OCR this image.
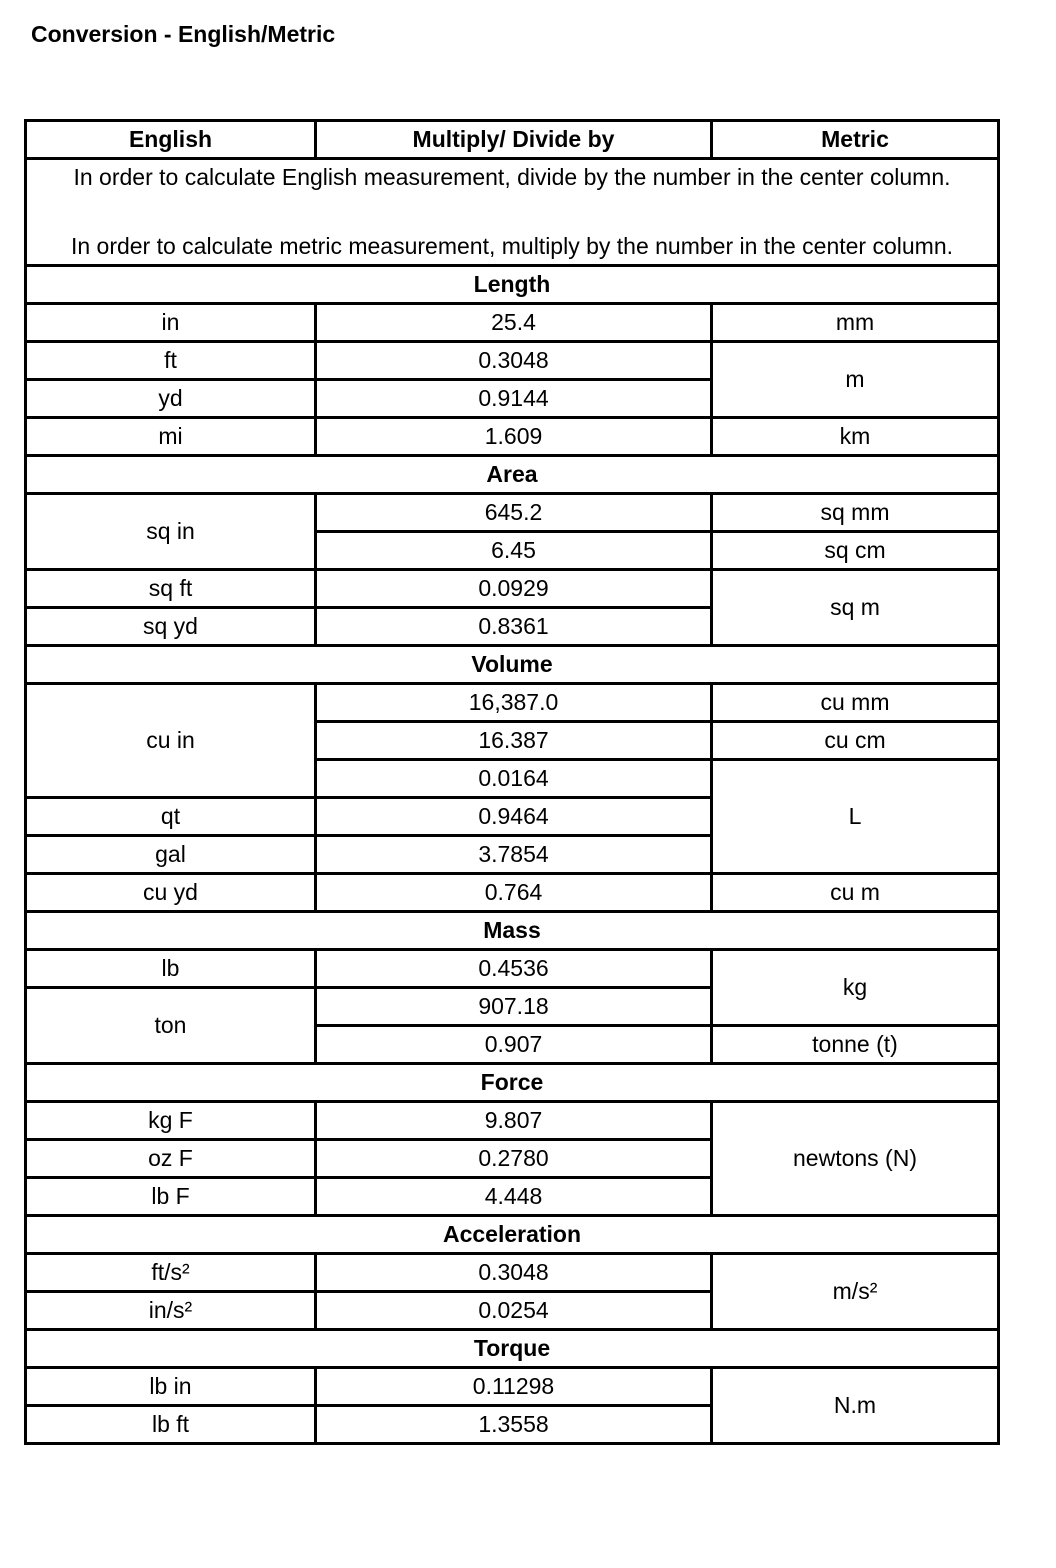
Conversion - English/Metric
English	Multiply/ Divide by	Metric

In order to calculate English measurement, divide by the number in the center column.
In order to calculate metric measurement, multiply by the number in the center column.		

Length		
in	25.4	mm
ft	0.3048	m
yd	0.9144	
mi	1.609	km
Area		
sq in	645.2	sq mm
	6.45	sq cm
sq ft	0.0929	sq m
sq yd	0.8361	
Volume		
cu in	16,387.0	cu mm
	16.387	cu cm
	0.0164	L
qt	0.9464	
gal	3.7854	
cu yd	0.764	cu m
Mass		
lb	0.4536	kg
ton	907.18	
	0.907	tonne (t)
Force		
kg F	9.807	newtons (N)
oz F	0.2780	
lb F	4.448	
Acceleration		
ft/s²	0.3048	m/s²
in/s²	0.0254	
Torque		
lb in	0.11298	N.m
lb ft	1.3558	
